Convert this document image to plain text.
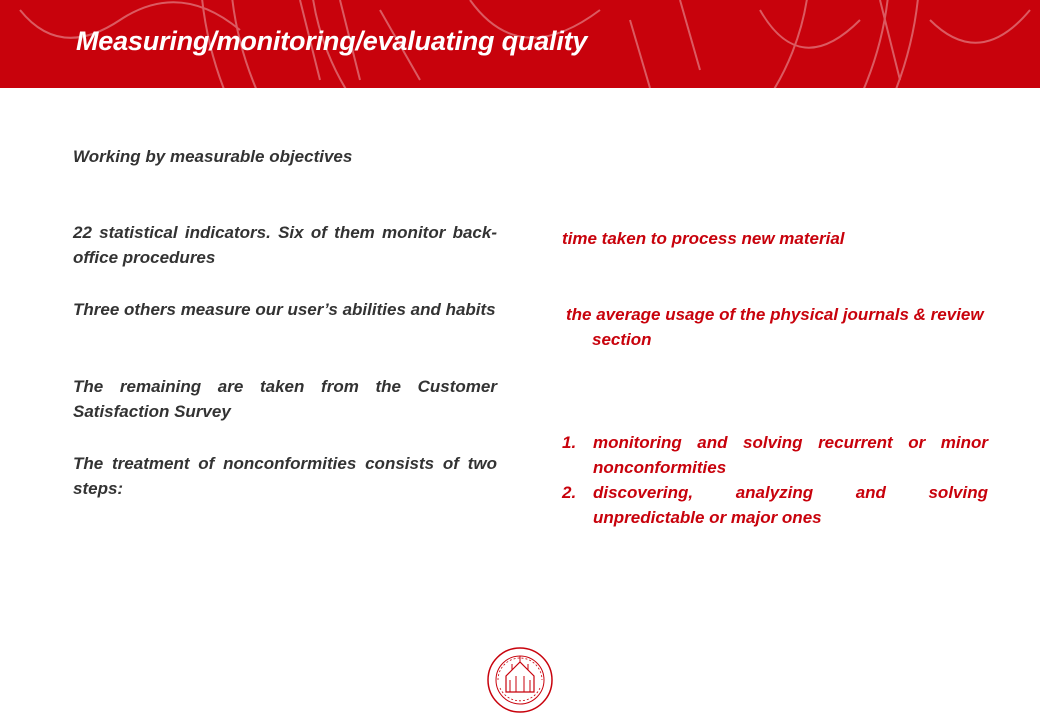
Measuring/monitoring/evaluating quality
Working by measurable objectives
22 statistical indicators. Six of them monitor back-office procedures
Three others measure our user’s abilities and habits
The remaining are taken from the Customer Satisfaction Survey
The treatment of nonconformities consists of two steps:
time taken to process new material
the average usage of the physical journals & review section
1. monitoring and solving recurrent or minor nonconformities
2. discovering, analyzing and solving unpredictable or major ones
